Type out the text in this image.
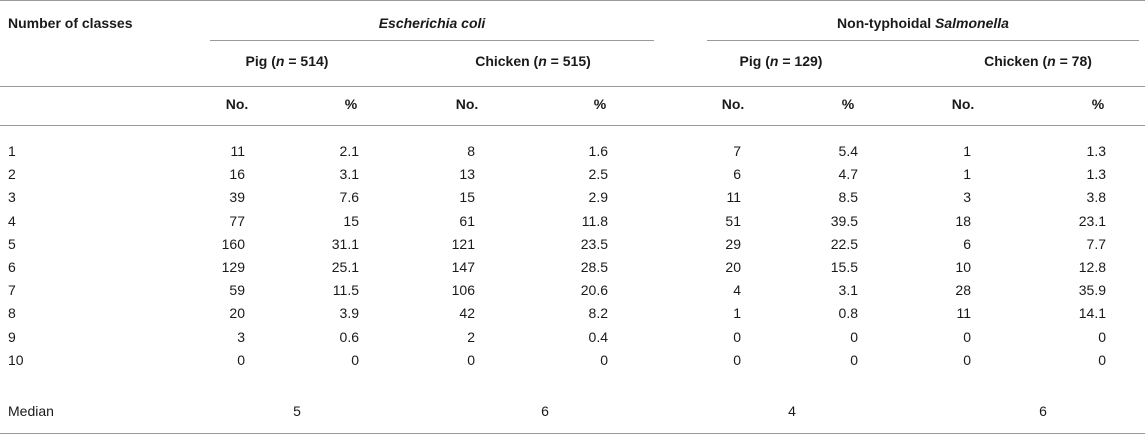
Number of classes	Escherichia coli	Non-typhoidal Salmonella
Pig (n = 514)	Chicken (n = 515)	Pig (n = 129)	Chicken (n = 78)
No.	%	No.	%	No.	%	No.	%
1	11	2.1	8	1.6	7	5.4	1	1.3
2	16	3.1	13	2.5	6	4.7	1	1.3
3	39	7.6	15	2.9	11	8.5	3	3.8
4	77	15	61	11.8	51	39.5	18	23.1
5	160	31.1	121	23.5	29	22.5	6	7.7
6	129	25.1	147	28.5	20	15.5	10	12.8
7	59	11.5	106	20.6	4	3.1	28	35.9
8	20	3.9	42	8.2	1	0.8	11	14.1
9	3	0.6	2	0.4	0	0	0	0
10	0	0	0	0	0	0	0	0
Median	5	6	4	6
